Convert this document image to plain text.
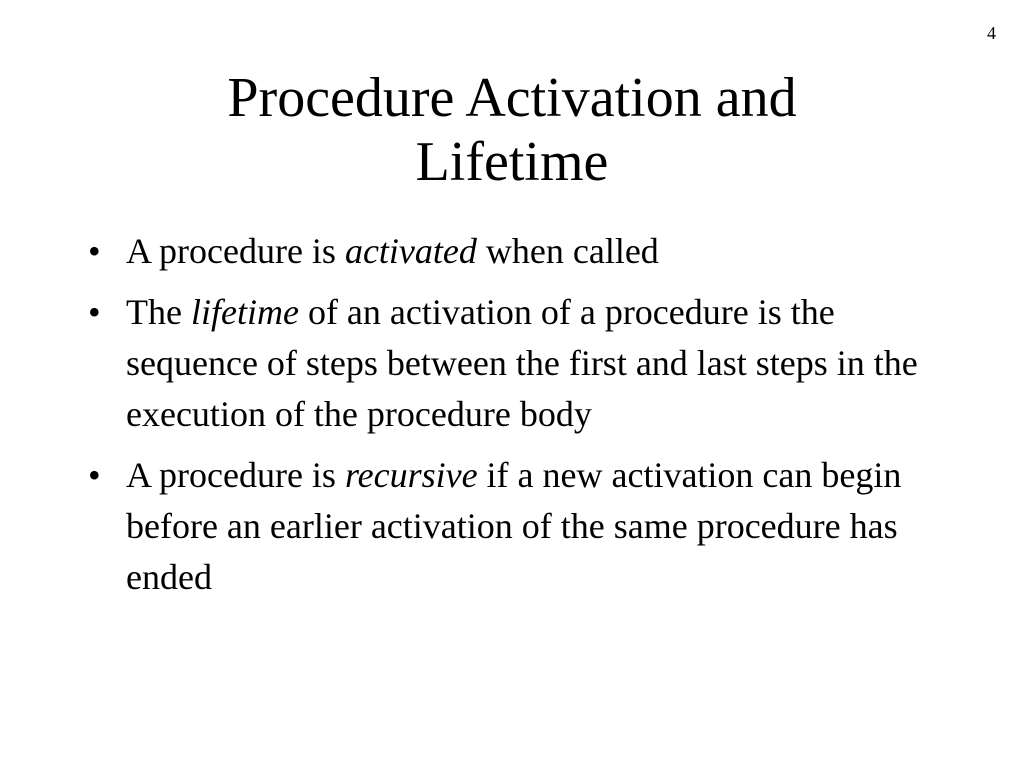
4
Procedure Activation and
Lifetime
• A procedure is activated when called
• The lifetime of an activation of a procedure is the sequence of steps between the first and last steps in the execution of the procedure body
• A procedure is recursive if a new activation can begin before an earlier activation of the same procedure has ended
